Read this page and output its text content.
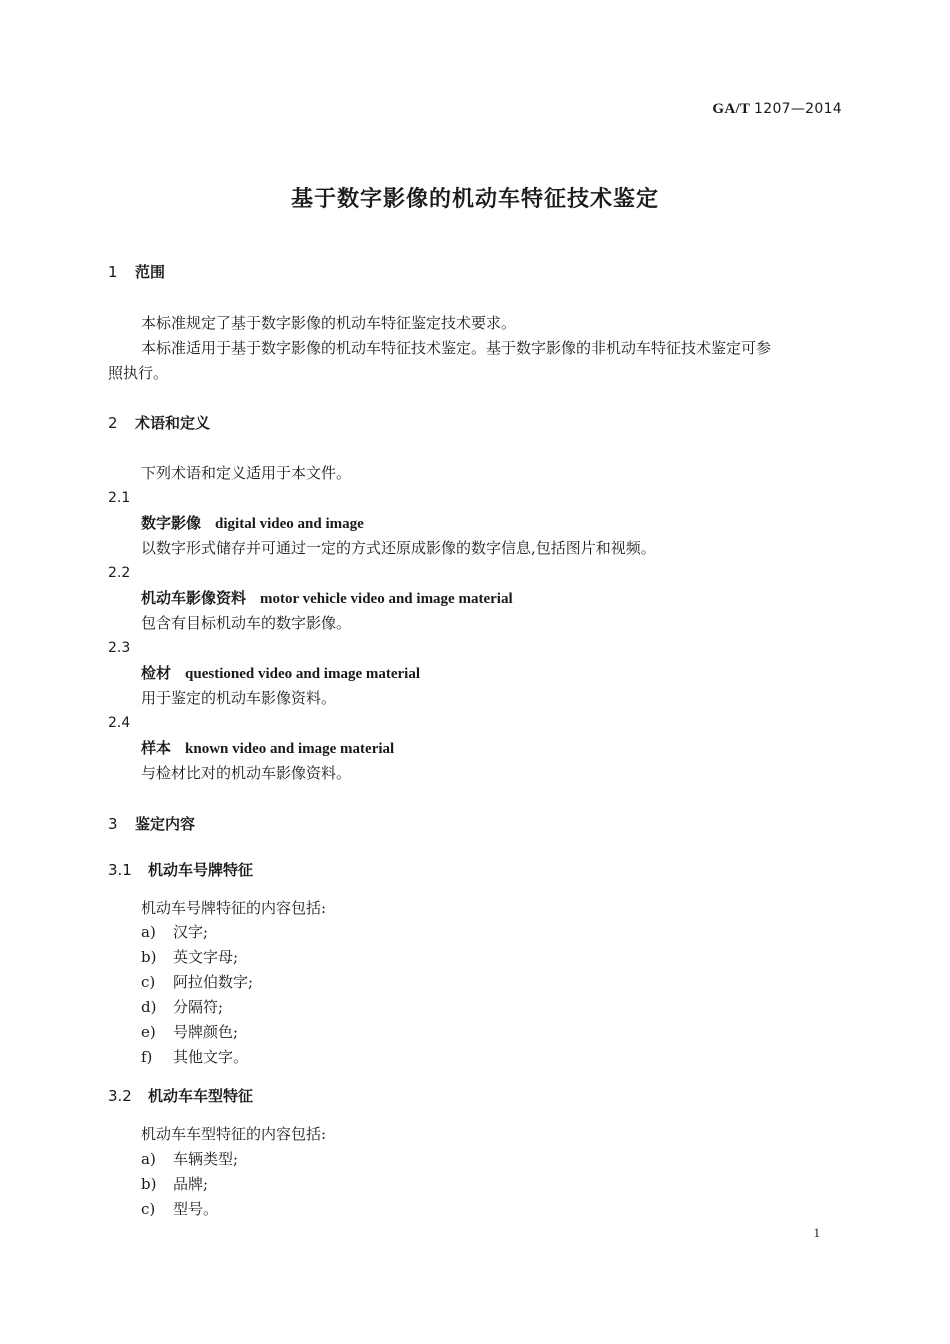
GA/T 1207—2014
基于数字影像的机动车特征技术鉴定
1 范围
本标准规定了基于数字影像的机动车特征鉴定技术要求。
本标准适用于基于数字影像的机动车特征技术鉴定。基于数字影像的非机动车特征技术鉴定可参
照执行。
2 术语和定义
下列术语和定义适用于本文件。
2.1
数字影像 digital video and image
以数字形式储存并可通过一定的方式还原成影像的数字信息,包括图片和视频。
2.2
机动车影像资料 motor vehicle video and image material
包含有目标机动车的数字影像。
2.3
检材 questioned video and image material
用于鉴定的机动车影像资料。
2.4
样本 known video and image material
与检材比对的机动车影像资料。
3 鉴定内容
3.1 机动车号牌特征
机动车号牌特征的内容包括:
a) 汉字;
b) 英文字母;
c) 阿拉伯数字;
d) 分隔符;
e) 号牌颜色;
f) 其他文字。
3.2 机动车车型特征
机动车车型特征的内容包括:
a) 车辆类型;
b) 品牌;
c) 型号。
1
